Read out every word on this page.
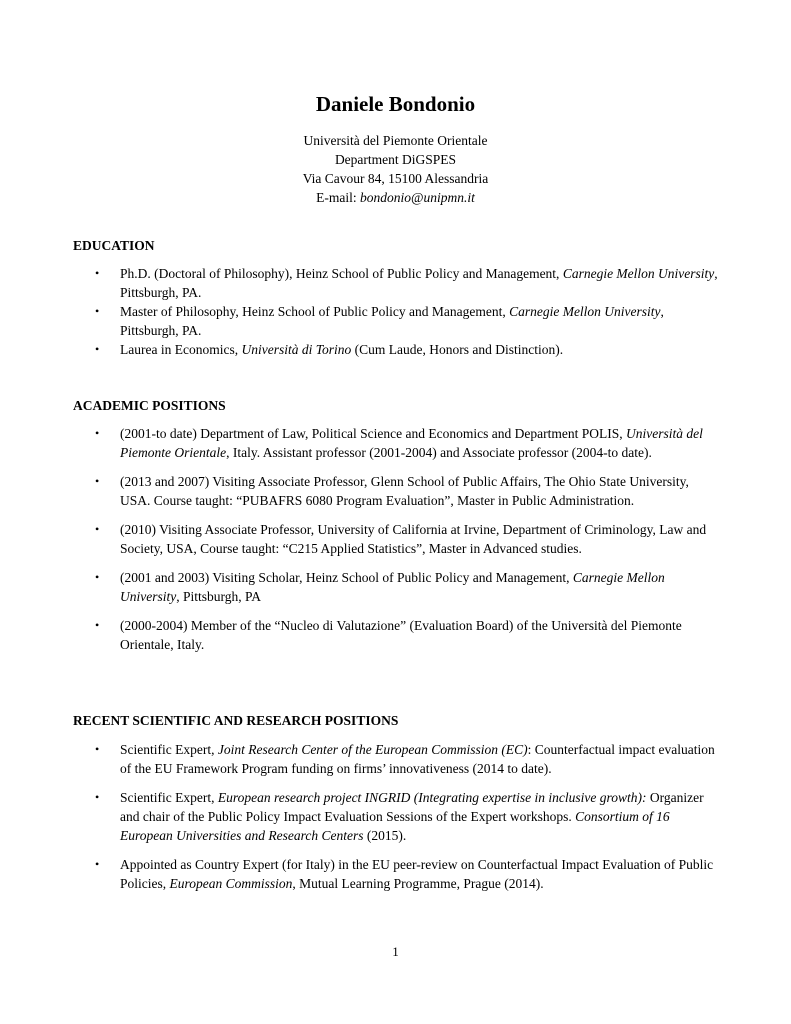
Daniele Bondonio
Università del Piemonte Orientale
Department DiGSPES
Via Cavour 84, 15100 Alessandria
E-mail: bondonio@unipmn.it
EDUCATION
• Ph.D. (Doctoral of Philosophy), Heinz School of Public Policy and Management, Carnegie Mellon University, Pittsburgh, PA.
• Master of Philosophy, Heinz School of Public Policy and Management, Carnegie Mellon University, Pittsburgh, PA.
• Laurea in Economics, Università di Torino (Cum Laude, Honors and Distinction).
ACADEMIC POSITIONS
• (2001-to date) Department of Law, Political Science and Economics and Department POLIS, Università del Piemonte Orientale, Italy. Assistant professor (2001-2004) and Associate professor (2004-to date).
• (2013 and 2007) Visiting Associate Professor, Glenn School of Public Affairs, The Ohio State University, USA. Course taught: “PUBAFRS 6080 Program Evaluation”, Master in Public Administration.
• (2010) Visiting Associate Professor, University of California at Irvine, Department of Criminology, Law and Society, USA, Course taught: “C215 Applied Statistics”, Master in Advanced studies.
• (2001 and 2003) Visiting Scholar, Heinz School of Public Policy and Management, Carnegie Mellon University, Pittsburgh, PA
• (2000-2004) Member of the “Nucleo di Valutazione” (Evaluation Board) of the Università del Piemonte Orientale, Italy.
RECENT SCIENTIFIC AND RESEARCH POSITIONS
• Scientific Expert, Joint Research Center of the European Commission (EC): Counterfactual impact evaluation of the EU Framework Program funding on firms’ innovativeness (2014 to date).
• Scientific Expert, European research project INGRID (Integrating expertise in inclusive growth): Organizer and chair of the Public Policy Impact Evaluation Sessions of the Expert workshops. Consortium of 16 European Universities and Research Centers (2015).
• Appointed as Country Expert (for Italy) in the EU peer-review on Counterfactual Impact Evaluation of Public Policies, European Commission, Mutual Learning Programme, Prague (2014).
1
